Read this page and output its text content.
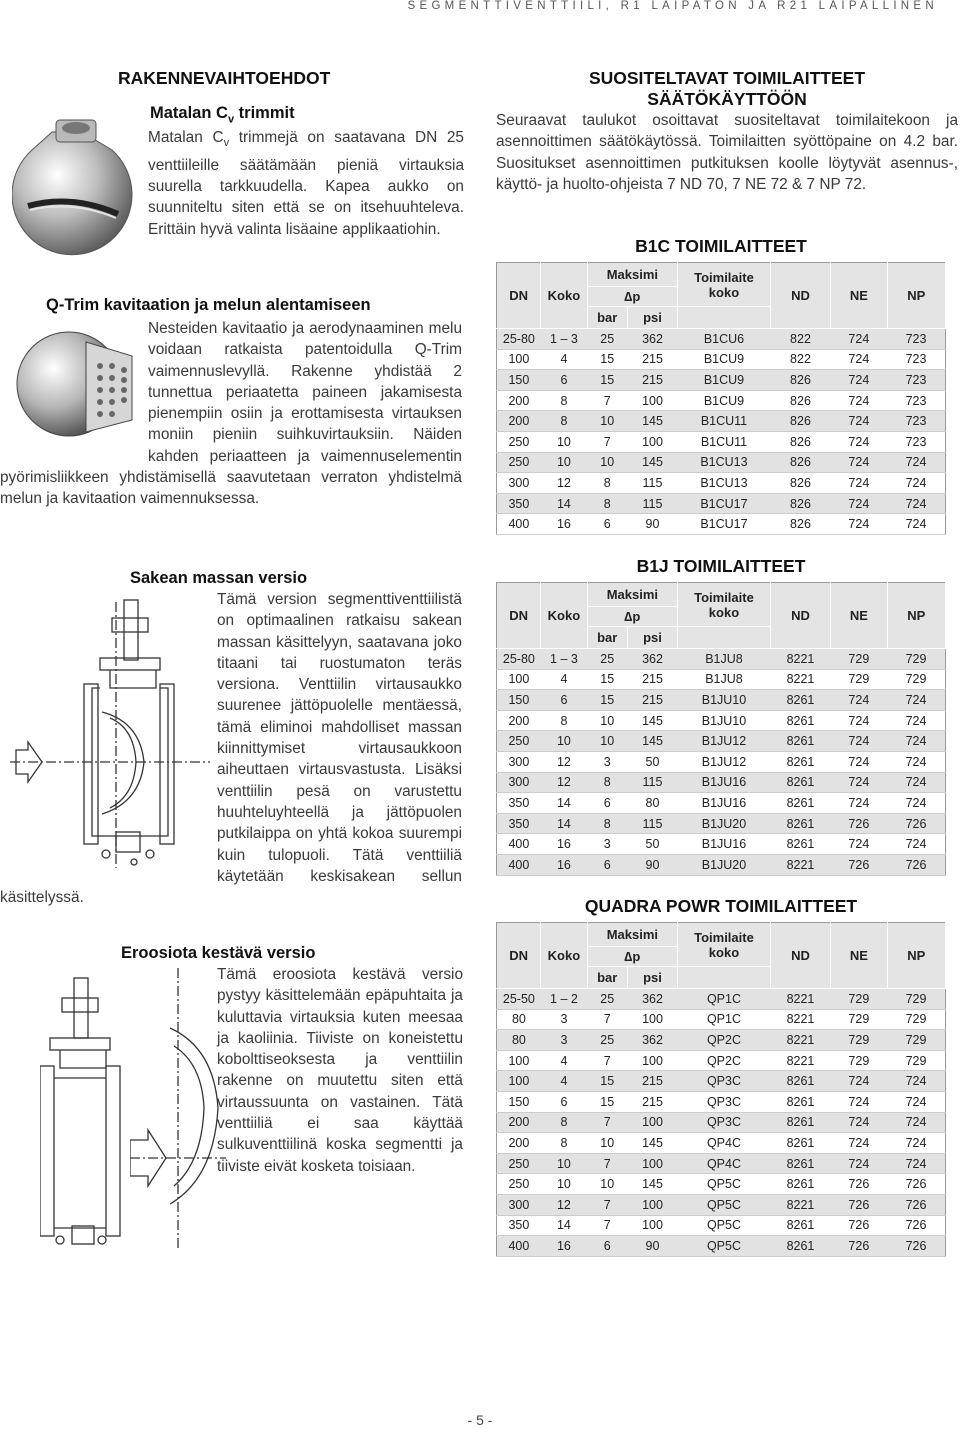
SEGMENTTIVENTTIILI, R1 LAIPATON JA R21 LAIPALLINEN
RAKENNEVAIHTOEHDOT
Matalan $C_v$ trimmit
Matalan $C_v$ trimmejä on saatavana DN 25 venttiileille säätämään pieniä virtauksia suurella tarkkuudella. Kapea aukko on suunniteltu siten että se on itsehuuhteleva. Erittäin hyvä valinta lisäaine applikaatiohin.
Q-Trim kavitaation ja melun alentamiseen
Nesteiden kavitaatio ja aerodynaaminen melu voidaan ratkaista patentoidulla Q-Trim vaimennuslevyllä. Rakenne yhdistää 2 tunnettua periaatetta paineen jakamisesta pienempiin osiin ja erottamisesta virtauksen moniin pieniin suihkuvirtauksiin. Näiden kahden periaatteen ja vaimennuselementin pyörimisliikkeen yhdistämisellä saavutetaan verraton yhdistelmä melun ja kavitaation vaimennuksessa.
Sakean massan versio
Tämä version segmenttiventtiilistä on optimaalinen ratkaisu sakean massan käsittelyyn, saatavana joko titaani tai ruostumaton teräs versiona. Venttiilin virtausaukko suurenee jättöpuolelle mentäessä, tämä eliminoi mahdolliset massan kiinnittymiset virtausaukkoon aiheuttaen virtausvastusta. Lisäksi venttiilin pesä on varustettu huuhteluyhteellä ja jättöpuolen putkilaippa on yhtä kokoa suurempi kuin tulopuoli. Tätä venttiiliä käytetään keskisakean sellun käsittelyssä.
Eroosiota kestävä versio
Tämä eroosiota kestävä versio pystyy käsittelemään epäpuhtaita ja kuluttavia virtauksia kuten meesaa ja kaoliinia. Tiiviste on koneistettu kobolttiseoksesta ja venttiilin rakenne on muutettu siten että virtaussuunta on vastainen. Tätä venttiiliä ei saa käyttää sulkuventtiilinä koska segmentti ja tiiviste eivät kosketa toisiaan.
SUOSITELTAVAT TOIMILAITTEET
SÄÄTÖKÄYTTÖÖN
Seuraavat taulukot osoittavat suositeltavat toimilaitekoon ja asennoittimen säätökäytössä. Toimilaitten syöttöpaine on 4.2 bar. Suositukset asennoittimen putkituksen koolle löytyvät asennus-, käyttö- ja huolto-ohjeista 7 ND 70, 7 NE 72 & 7 NP 72.
B1C TOIMILAITTEET
DN	Koko	Maksimi		Toimilaite
koko	ND	NE	NP
		∆p					
		bar	psi				
25-80	1 – 3	25	362	B1CU6	822	724	723
100	4	15	215	B1CU9	822	724	723
150	6	15	215	B1CU9	826	724	723
200	8	7	100	B1CU9	826	724	723
200	8	10	145	B1CU11	826	724	723
250	10	7	100	B1CU11	826	724	723
250	10	10	145	B1CU13	826	724	724
300	12	8	115	B1CU13	826	724	724
350	14	8	115	B1CU17	826	724	724
400	16	6	90	B1CU17	826	724	724
B1J TOIMILAITTEET
DN	Koko	Maksimi		Toimilaite
koko	ND	NE	NP
		∆p					
		bar	psi				
25-80	1 – 3	25	362	B1JU8	8221	729	729
100	4	15	215	B1JU8	8221	729	729
150	6	15	215	B1JU10	8261	724	724
200	8	10	145	B1JU10	8261	724	724
250	10	10	145	B1JU12	8261	724	724
300	12	3	50	B1JU12	8261	724	724
300	12	8	115	B1JU16	8261	724	724
350	14	6	80	B1JU16	8261	724	724
350	14	8	115	B1JU20	8261	726	726
400	16	3	50	B1JU16	8261	724	724
400	16	6	90	B1JU20	8221	726	726
QUADRA POWR TOIMILAITTEET
DN	Koko	Maksimi		Toimilaite
koko	ND	NE	NP
		∆p					
		bar	psi				
25-50	1 – 2	25	362	QP1C	8221	729	729
80	3	7	100	QP1C	8221	729	729
80	3	25	362	QP2C	8221	729	729
100	4	7	100	QP2C	8221	729	729
100	4	15	215	QP3C	8261	724	724
150	6	15	215	QP3C	8261	724	724
200	8	7	100	QP3C	8261	724	724
200	8	10	145	QP4C	8261	724	724
250	10	7	100	QP4C	8261	724	724
250	10	10	145	QP5C	8261	726	726
300	12	7	100	QP5C	8221	726	726
350	14	7	100	QP5C	8261	726	726
400	16	6	90	QP5C	8261	726	726
- 5 -
